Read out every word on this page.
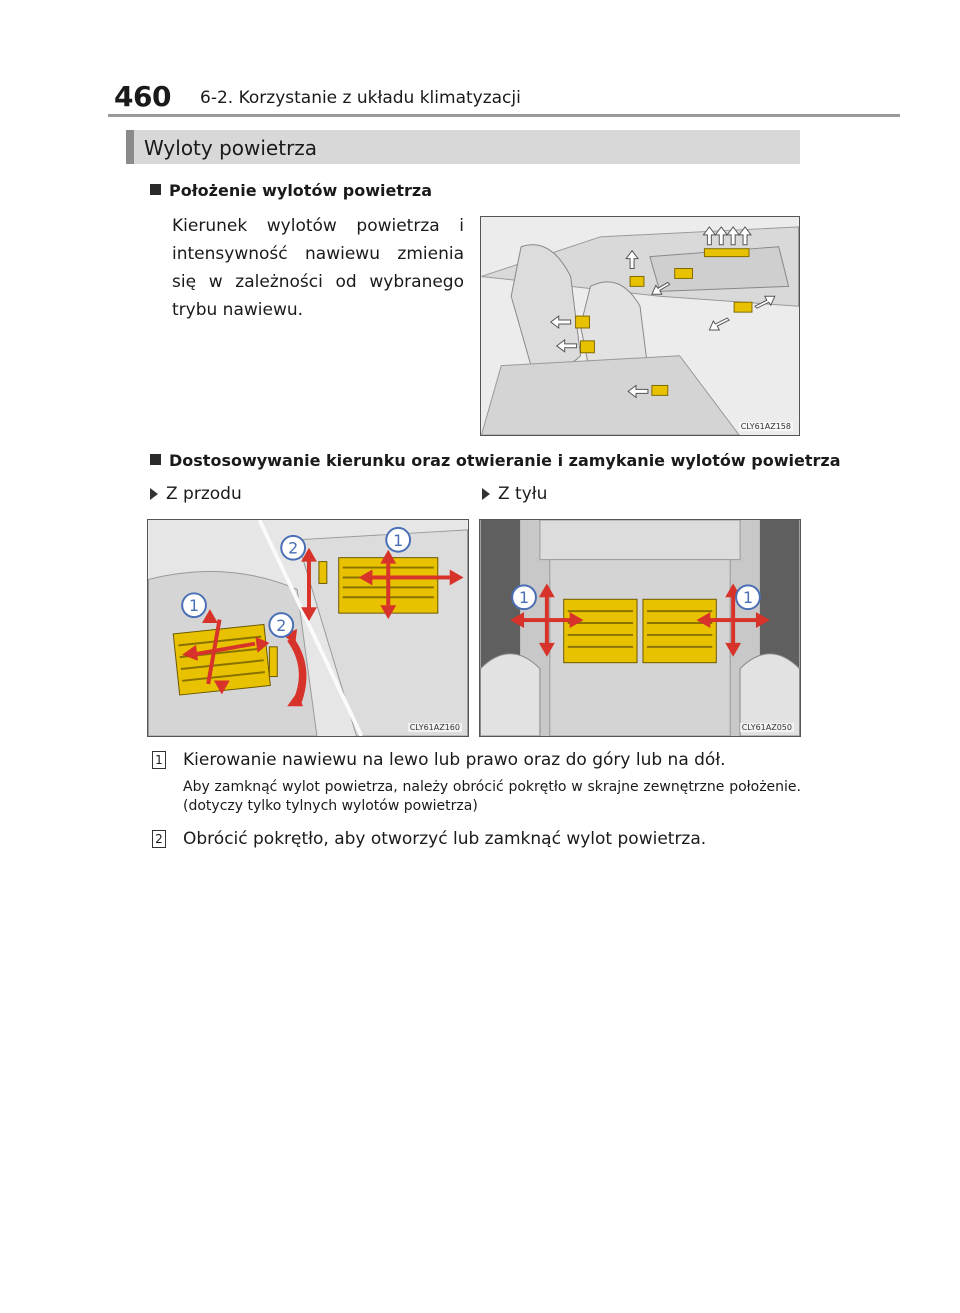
460 6-2. Korzystanie z układu klimatyzacji
Wyloty powietrza
Położenie wylotów powietrza
Kierunek wylotów powietrza i intensywność nawiewu zmienia się w zależności od wybranego trybu nawiewu.
CLY61AZ158
Dostosowywanie kierunku oraz otwieranie i zamykanie wylotów powietrza
Z przodu	Z tyłu
1
2
1
2
CLY61AZ160
1	1
CLY61AZ050
1 Kierowanie nawiewu na lewo lub prawo oraz do góry lub na dół.
Aby zamknąć wylot powietrza, należy obrócić pokrętło w skrajne zewnętrzne położenie. (dotyczy tylko tylnych wylotów powietrza)
2 Obrócić pokrętło, aby otworzyć lub zamknąć wylot powietrza.
